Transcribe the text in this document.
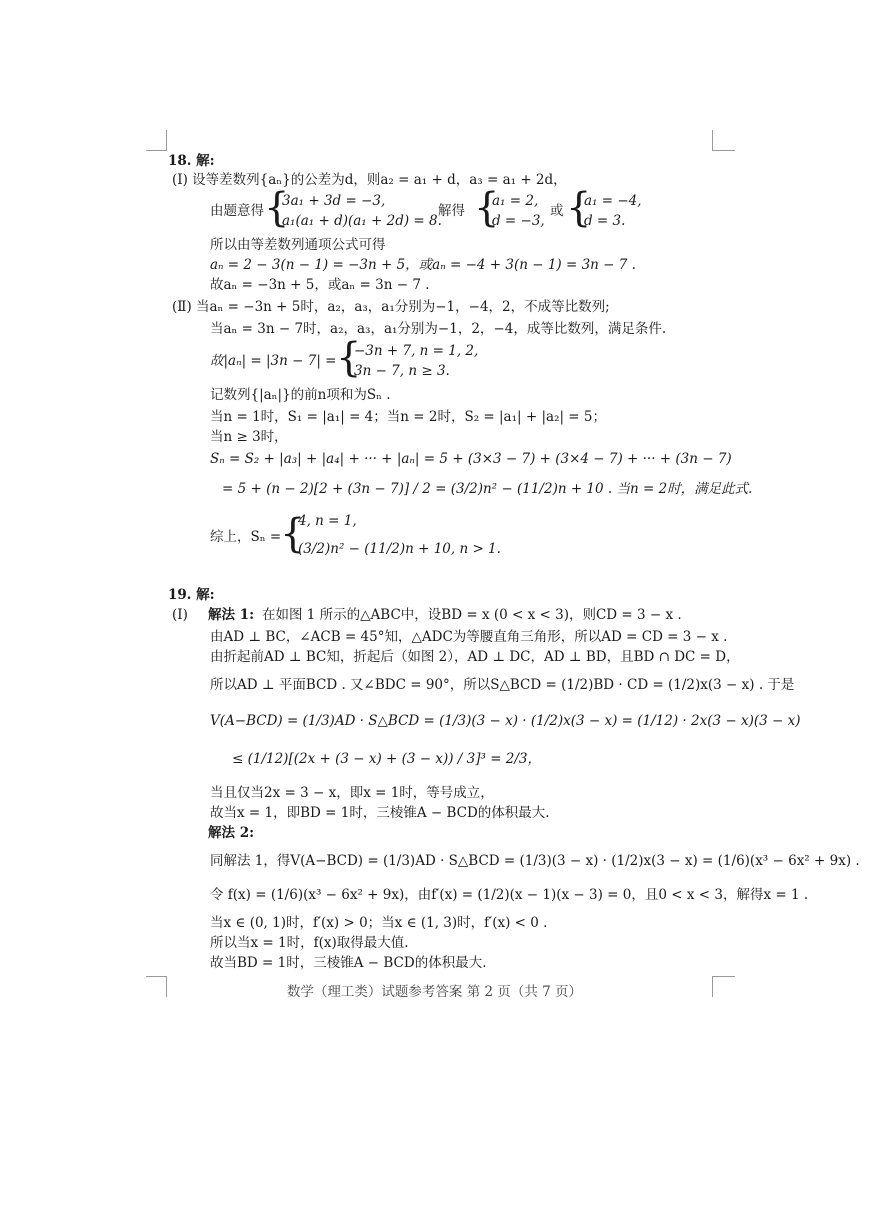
18. 解:
(Ⅰ) 设等差数列{aₙ}的公差为d，则a₂ = a₁ + d，a₃ = a₁ + 2d，
由题意得 {
3a₁ + 3d = −3,
a₁(a₁ + d)(a₁ + 2d) = 8.
解得 {
a₁ = 2,
d = −3,
或 {
a₁ = −4,
d = 3.
所以由等差数列通项公式可得
aₙ = 2 − 3(n − 1) = −3n + 5，或aₙ = −4 + 3(n − 1) = 3n − 7 .
故aₙ = −3n + 5，或aₙ = 3n − 7 .
(Ⅱ) 当aₙ = −3n + 5时，a₂，a₃，a₁分别为−1，−4，2，不成等比数列;
当aₙ = 3n − 7时，a₂，a₃，a₁分别为−1，2，−4，成等比数列，满足条件.
故|aₙ| = |3n − 7| = {
−3n + 7, n = 1, 2,
3n − 7, n ≥ 3.
记数列{|aₙ|}的前n项和为Sₙ .
当n = 1时，S₁ = |a₁| = 4；当n = 2时，S₂ = |a₁| + |a₂| = 5；
当n ≥ 3时，
Sₙ = S₂ + |a₃| + |a₄| + ··· + |aₙ| = 5 + (3×3 − 7) + (3×4 − 7) + ··· + (3n − 7)
= 5 + (n − 2)[2 + (3n − 7)] / 2 = (3/2)n² − (11/2)n + 10 . 当n = 2时，满足此式.
综上，Sₙ =
{
4, n = 1,
(3/2)n² − (11/2)n + 10, n > 1.
19. 解:
(Ⅰ) 解法 1: 在如图 1 所示的△ABC中，设BD = x (0 < x < 3)，则CD = 3 − x .
由AD ⊥ BC，∠ACB = 45°知，△ADC为等腰直角三角形，所以AD = CD = 3 − x .
由折起前AD ⊥ BC知，折起后（如图 2），AD ⊥ DC，AD ⊥ BD，且BD ∩ DC = D，
所以AD ⊥ 平面BCD . 又∠BDC = 90°，所以S△BCD = (1/2)BD · CD = (1/2)x(3 − x) . 于是
V(A−BCD) = (1/3)AD · S△BCD = (1/3)(3 − x) · (1/2)x(3 − x) = (1/12) · 2x(3 − x)(3 − x)
≤ (1/12)[(2x + (3 − x) + (3 − x)) / 3]³ = 2/3，
当且仅当2x = 3 − x，即x = 1时，等号成立，
故当x = 1，即BD = 1时，三棱锥A − BCD的体积最大.
解法 2:
同解法 1，得V(A−BCD) = (1/3)AD · S△BCD = (1/3)(3 − x) · (1/2)x(3 − x) = (1/6)(x³ − 6x² + 9x) .
令 f(x) = (1/6)(x³ − 6x² + 9x)，由f′(x) = (1/2)(x − 1)(x − 3) = 0，且0 < x < 3，解得x = 1 .
当x ∈ (0, 1)时，f′(x) > 0；当x ∈ (1, 3)时，f′(x) < 0 .
所以当x = 1时，f(x)取得最大值.
故当BD = 1时，三棱锥A − BCD的体积最大.
数学（理工类）试题参考答案 第 2 页（共 7 页）
